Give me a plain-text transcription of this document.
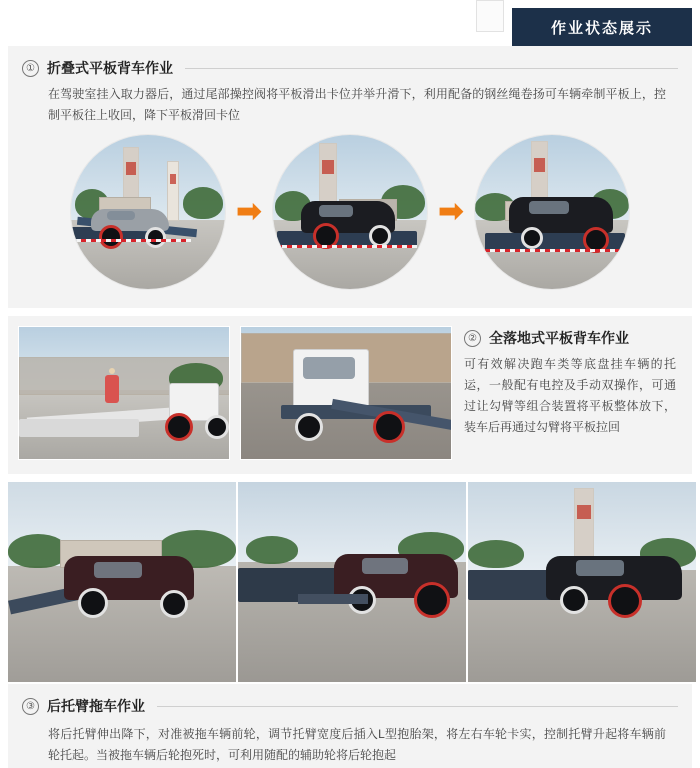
作业状态展示
① 折叠式平板背车作业
在驾驶室挂入取力器后，通过尾部操控阀将平板滑出卡位并举升滑下，利用配备的钢丝绳卷扬可车辆牵制平板上，控制平板往上收回，降下平板滑回卡位
➡	➡
② 全落地式平板背车作业
可有效解决跑车类等底盘挂车辆的托运，一般配有电控及手动双操作，可通过让勾臂等组合装置将平板整体放下，装车后再通过勾臂将平板拉回
③ 后托臂拖车作业
将后托臂伸出降下，对准被拖车辆前轮，调节托臂宽度后插入L型抱胎架，将左右车轮卡实，控制托臂升起将车辆前轮托起。当被拖车辆后轮抱死时，可利用随配的辅助轮将后轮抱起
